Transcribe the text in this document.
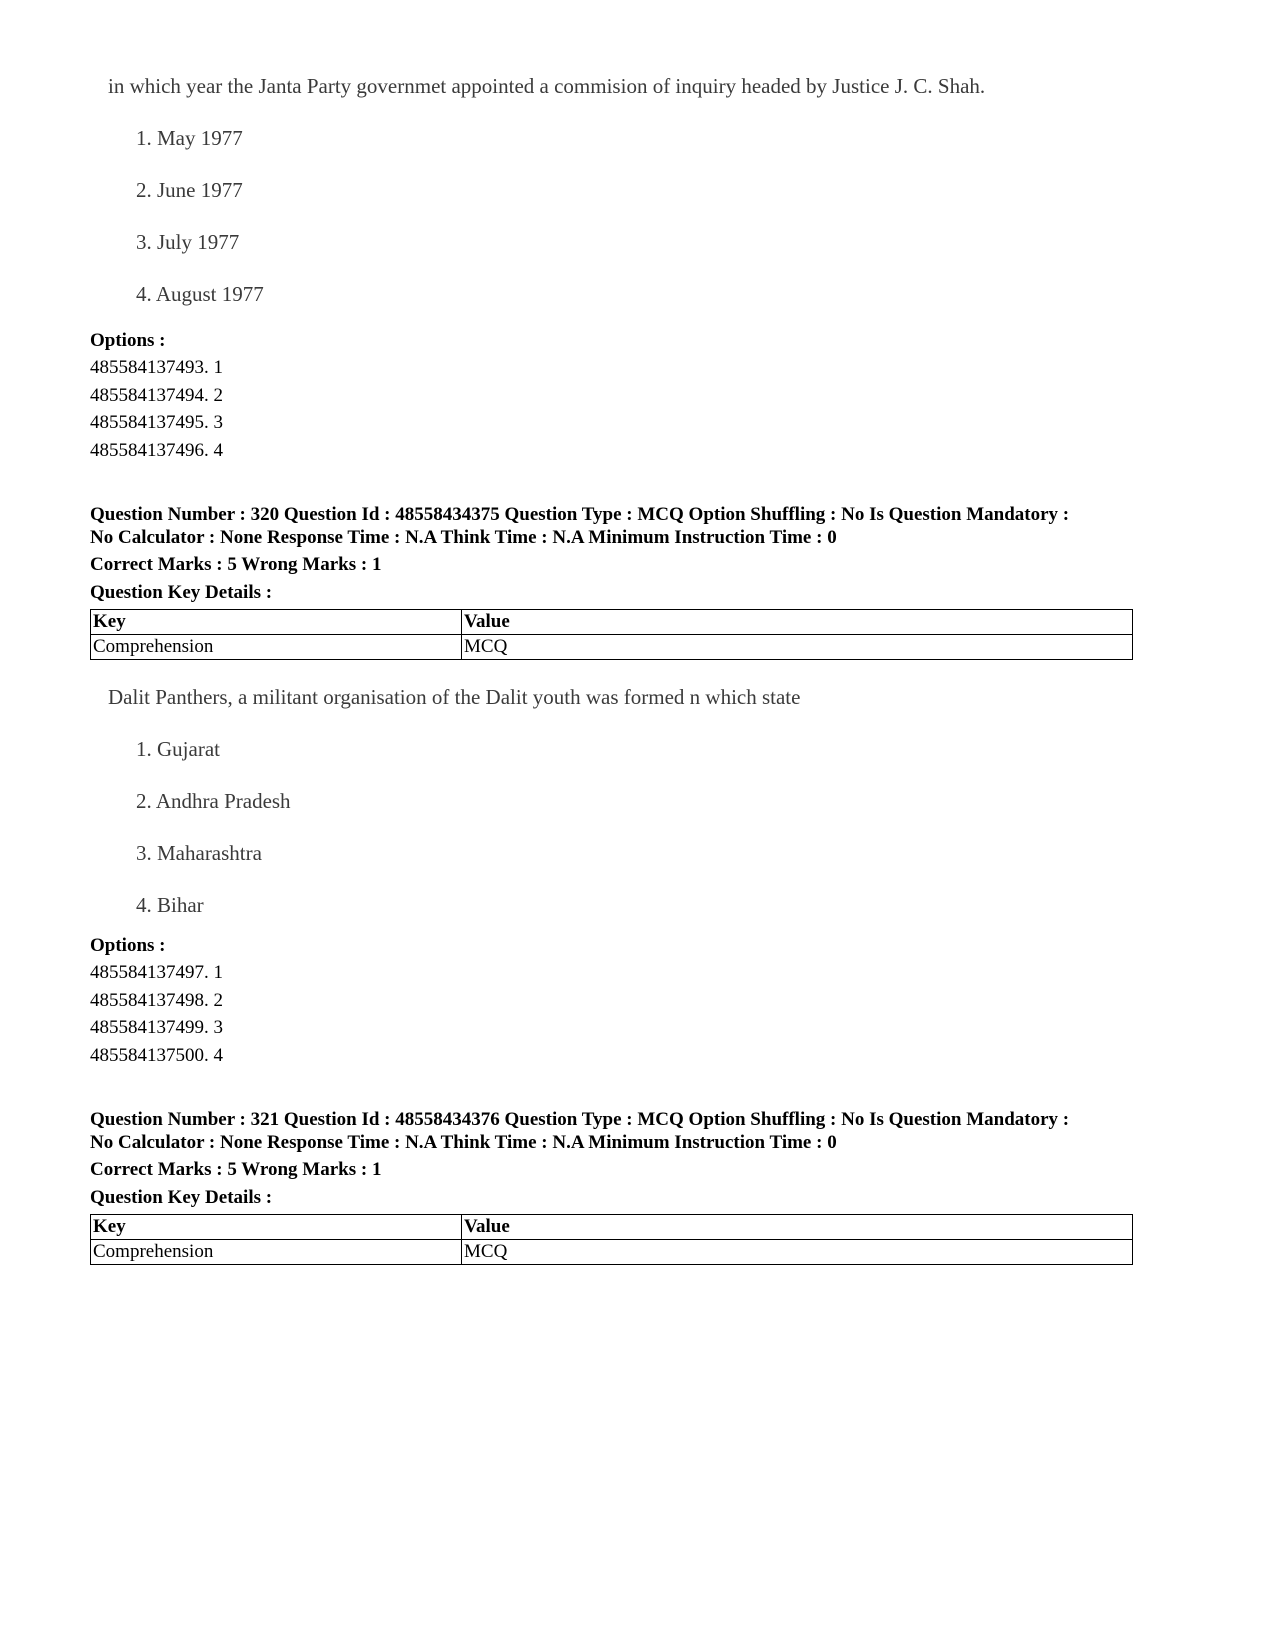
in which year the Janta Party governmet appointed a commision of inquiry headed by Justice J. C. Shah.
1. May 1977
2. June 1977
3. July 1977
4. August 1977
Options :
485584137493. 1
485584137494. 2
485584137495. 3
485584137496. 4
Question Number : 320 Question Id : 48558434375 Question Type : MCQ Option Shuffling : No Is Question Mandatory :
No Calculator : None Response Time : N.A Think Time : N.A Minimum Instruction Time : 0
Correct Marks : 5 Wrong Marks : 1
Question Key Details :
Key	Value
Comprehension	MCQ
Dalit Panthers, a militant organisation of the Dalit youth was formed n which state
1. Gujarat
2. Andhra Pradesh
3. Maharashtra
4. Bihar
Options :
485584137497. 1
485584137498. 2
485584137499. 3
485584137500. 4
Question Number : 321 Question Id : 48558434376 Question Type : MCQ Option Shuffling : No Is Question Mandatory :
No Calculator : None Response Time : N.A Think Time : N.A Minimum Instruction Time : 0
Correct Marks : 5 Wrong Marks : 1
Question Key Details :
Key	Value
Comprehension	MCQ
